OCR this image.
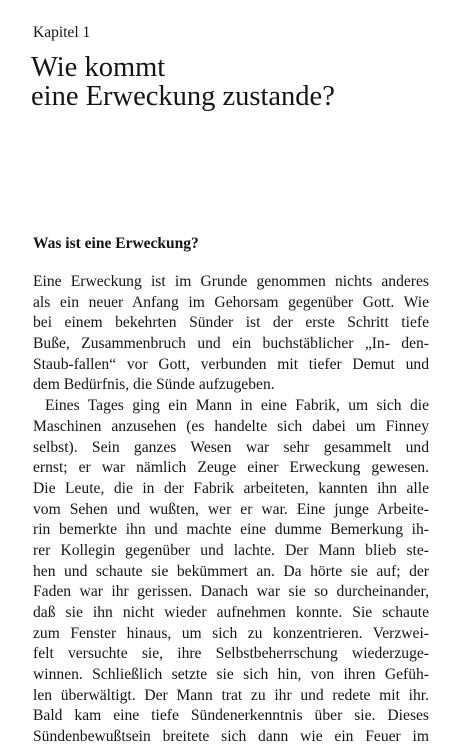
Kapitel 1
Wie kommt
eine Erweckung zustande?
Was ist eine Erweckung?
Eine Erweckung ist im Grunde genommen nichts anderes
als ein neuer Anfang im Gehorsam gegenüber Gott. Wie
bei einem bekehrten Sünder ist der erste Schritt tiefe
Buße, Zusammenbruch und ein buchstäblicher „In- den-
Staub-fallen“ vor Gott, verbunden mit tiefer Demut und
dem Bedürfnis, die Sünde aufzugeben.
Eines Tages ging ein Mann in eine Fabrik, um sich die
Maschinen anzusehen (es handelte sich dabei um Finney
selbst). Sein ganzes Wesen war sehr gesammelt und
ernst; er war nämlich Zeuge einer Erweckung gewesen.
Die Leute, die in der Fabrik arbeiteten, kannten ihn alle
vom Sehen und wußten, wer er war. Eine junge Arbeite-
rin bemerkte ihn und machte eine dumme Bemerkung ih-
rer Kollegin gegenüber und lachte. Der Mann blieb ste-
hen und schaute sie bekümmert an. Da hörte sie auf; der
Faden war ihr gerissen. Danach war sie so durcheinander,
daß sie ihn nicht wieder aufnehmen konnte. Sie schaute
zum Fenster hinaus, um sich zu konzentrieren. Verzwei-
felt versuchte sie, ihre Selbstbeherrschung wiederzuge-
winnen. Schließlich setzte sie sich hin, von ihren Gefüh-
len überwältigt. Der Mann trat zu ihr und redete mit ihr.
Bald kam eine tiefe Sündenerkenntnis über sie. Dieses
Sündenbewußtsein breitete sich dann wie ein Feuer im
